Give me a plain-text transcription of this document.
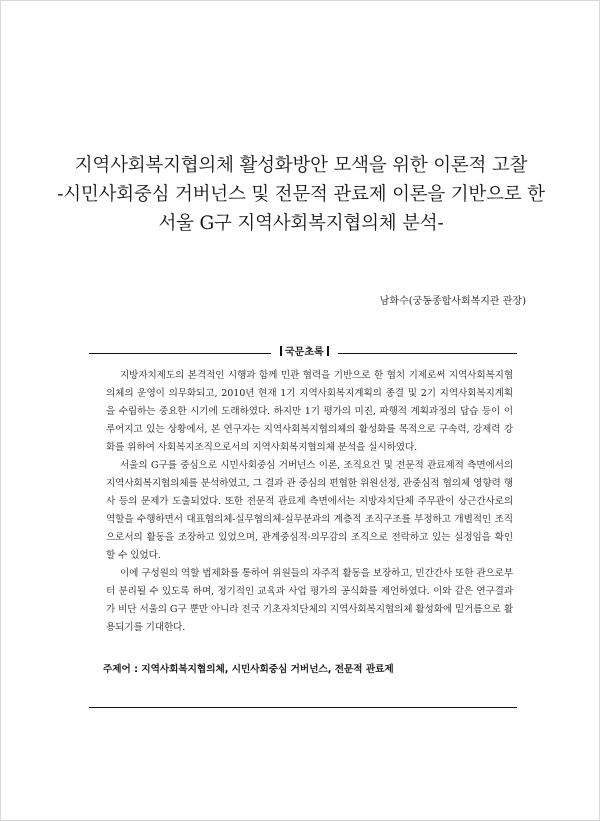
지역사회복지협의체 활성화방안 모색을 위한 이론적 고찰
-시민사회중심 거버넌스 및 전문적 관료제 이론을 기반으로 한
서울 G구 지역사회복지협의체 분석-
남화수(궁동종합사회복지관 관장)
국문초록

지방자치제도의 본격적인 시행과 함께 민관 협력을 기반으로 한 협치 기제로써 지역사회복지협의체의 운영이 의무화되고, 2010년 현재 1기 지역사회복지계획의 종결 및 2기 지역사회복지계획을 수립하는 중요한 시기에 도래하였다. 하지만 1기 평가의 미진, 파행적 계획과정의 답습 등이 이루어지고 있는 상황에서, 본 연구자는 지역사회복지협의체의 활성화를 목적으로 구속력, 강제력 강화를 위하여 사회복지조직으로서의 지역사회복지협의체 분석을 실시하였다.

서울의 G구를 중심으로 시민사회중심 거버넌스 이론, 조직요건 및 전문적 관료제적 측면에서의 지역사회복지협의체를 분석하였고, 그 결과 관 중심의 편협한 위원선정, 관중심적 협의체 영향력 행사 등의 문제가 도출되었다. 또한 전문적 관료제 측면에서는 지방자치단체 주무관이 상근간사로의 역할을 수행하면서 대표협의체-실무협의체-실무분과의 계층적 조직구조를 부정하고 개별적인 조직으로서의 활동을 조장하고 있었으며, 관계중심적·의무감의 조직으로 전락하고 있는 실정임을 확인할 수 있었다.

이에 구성원의 역할 법제화를 통하여 위원들의 자주적 활동을 보장하고, 민간간사 또한 관으로부터 분리될 수 있도록 하며, 정기적인 교육과 사업 평가의 공식화를 제언하였다. 이와 같은 연구결과가 비단 서울의 G구 뿐만 아니라 전국 기초자치단체의 지역사회복지협의체 활성화에 밑거름으로 활용되기를 기대한다.

주제어 : 지역사회복지협의체, 시민사회중심 거버넌스, 전문적 관료제
